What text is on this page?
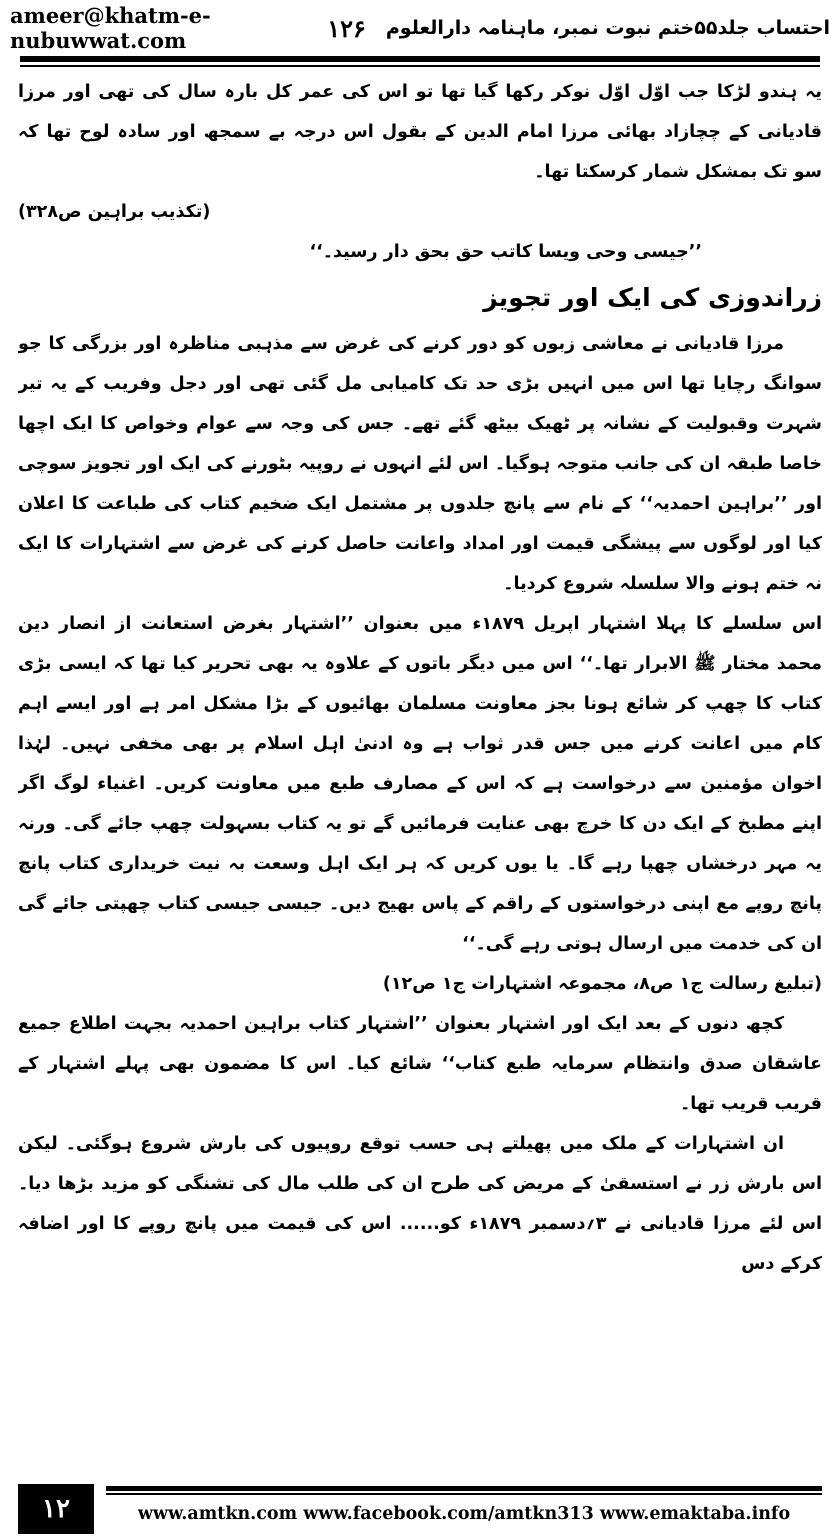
ameer@khatm-e-nubuwwat.com	۱۲۶ احتساب جلد۵۵ختم نبوت نمبر، ماہنامہ دارالعلوم

یہ ہندو لڑکا جب اوّل اوّل نوکر رکھا گیا تھا تو اس کی عمر کل بارہ سال کی تھی اور مرزا قادیانی کے چچازاد بھائی مرزا امام الدین کے بقول اس درجہ بے سمجھ اور سادہ لوح تھا کہ سو تک بمشکل شمار کرسکتا تھا۔

(تکذیب براہین ص۳۲۸)

’’جیسی وحی ویسا کاتب حق بحق دار رسید۔‘‘

زراندوزی کی ایک اور تجویز

مرزا قادیانی نے معاشی زبوں کو دور کرنے کی غرض سے مذہبی مناظرہ اور بزرگی کا جو سوانگ رچایا تھا اس میں انہیں بڑی حد تک کامیابی مل گئی تھی اور دجل وفریب کے یہ تیر شہرت وقبولیت کے نشانہ پر ٹھیک بیٹھ گئے تھے۔ جس کی وجہ سے عوام وخواص کا ایک اچھا خاصا طبقہ ان کی جانب متوجہ ہوگیا۔ اس لئے انہوں نے روپیہ بٹورنے کی ایک اور تجویز سوچی اور ’’براہین احمدیہ‘‘ کے نام سے پانچ جلدوں پر مشتمل ایک ضخیم کتاب کی طباعت کا اعلان کیا اور لوگوں سے پیشگی قیمت اور امداد واعانت حاصل کرنے کی غرض سے اشتہارات کا ایک نہ ختم ہونے والا سلسلہ شروع کردیا۔

اس سلسلے کا پہلا اشتہار اپریل ۱۸۷۹ء میں بعنوان ’’اشتہار بغرض استعانت از انصار دین محمد مختار ﷺ الابرار تھا۔‘‘ اس میں دیگر باتوں کے علاوہ یہ بھی تحریر کیا تھا کہ ایسی بڑی کتاب کا چھپ کر شائع ہونا بجز معاونت مسلمان بھائیوں کے بڑا مشکل امر ہے اور ایسے اہم کام میں اعانت کرنے میں جس قدر ثواب ہے وہ ادنیٰ اہل اسلام پر بھی مخفی نہیں۔ لہٰذا اخوان مؤمنین سے درخواست ہے کہ اس کے مصارف طبع میں معاونت کریں۔ اغنیاء لوگ اگر اپنے مطبخ کے ایک دن کا خرچ بھی عنایت فرمائیں گے تو یہ کتاب بسہولت چھپ جائے گی۔ ورنہ یہ مہر درخشاں چھپا رہے گا۔ یا یوں کریں کہ ہر ایک اہل وسعت بہ نیت خریداری کتاب پانچ پانچ روپے مع اپنی درخواستوں کے راقم کے پاس بھیج دیں۔ جیسی جیسی کتاب چھپتی جائے گی ان کی خدمت میں ارسال ہوتی رہے گی۔‘‘

(تبلیغ رسالت ج۱ ص۸، مجموعہ اشتہارات ج۱ ص۱۲)

کچھ دنوں کے بعد ایک اور اشتہار بعنوان ’’اشتہار کتاب براہین احمدیہ بجہت اطلاع جمیع عاشقان صدق وانتظام سرمایہ طبع کتاب‘‘ شائع کیا۔ اس کا مضمون بھی پہلے اشتہار کے قریب قریب تھا۔

ان اشتہارات کے ملک میں پھیلتے ہی حسب توقع روپیوں کی بارش شروع ہوگئی۔ لیکن اس بارش زر نے استسقیٰ کے مریض کی طرح ان کی طلب مال کی تشنگی کو مزید بڑھا دیا۔ اس لئے مرزا قادیانی نے ۳؍دسمبر ۱۸۷۹ء کو...... اس کی قیمت میں پانچ روپے کا اور اضافہ کرکے دس

۱۲	www.amtkn.com www.facebook.com/amtkn313 www.emaktaba.info
